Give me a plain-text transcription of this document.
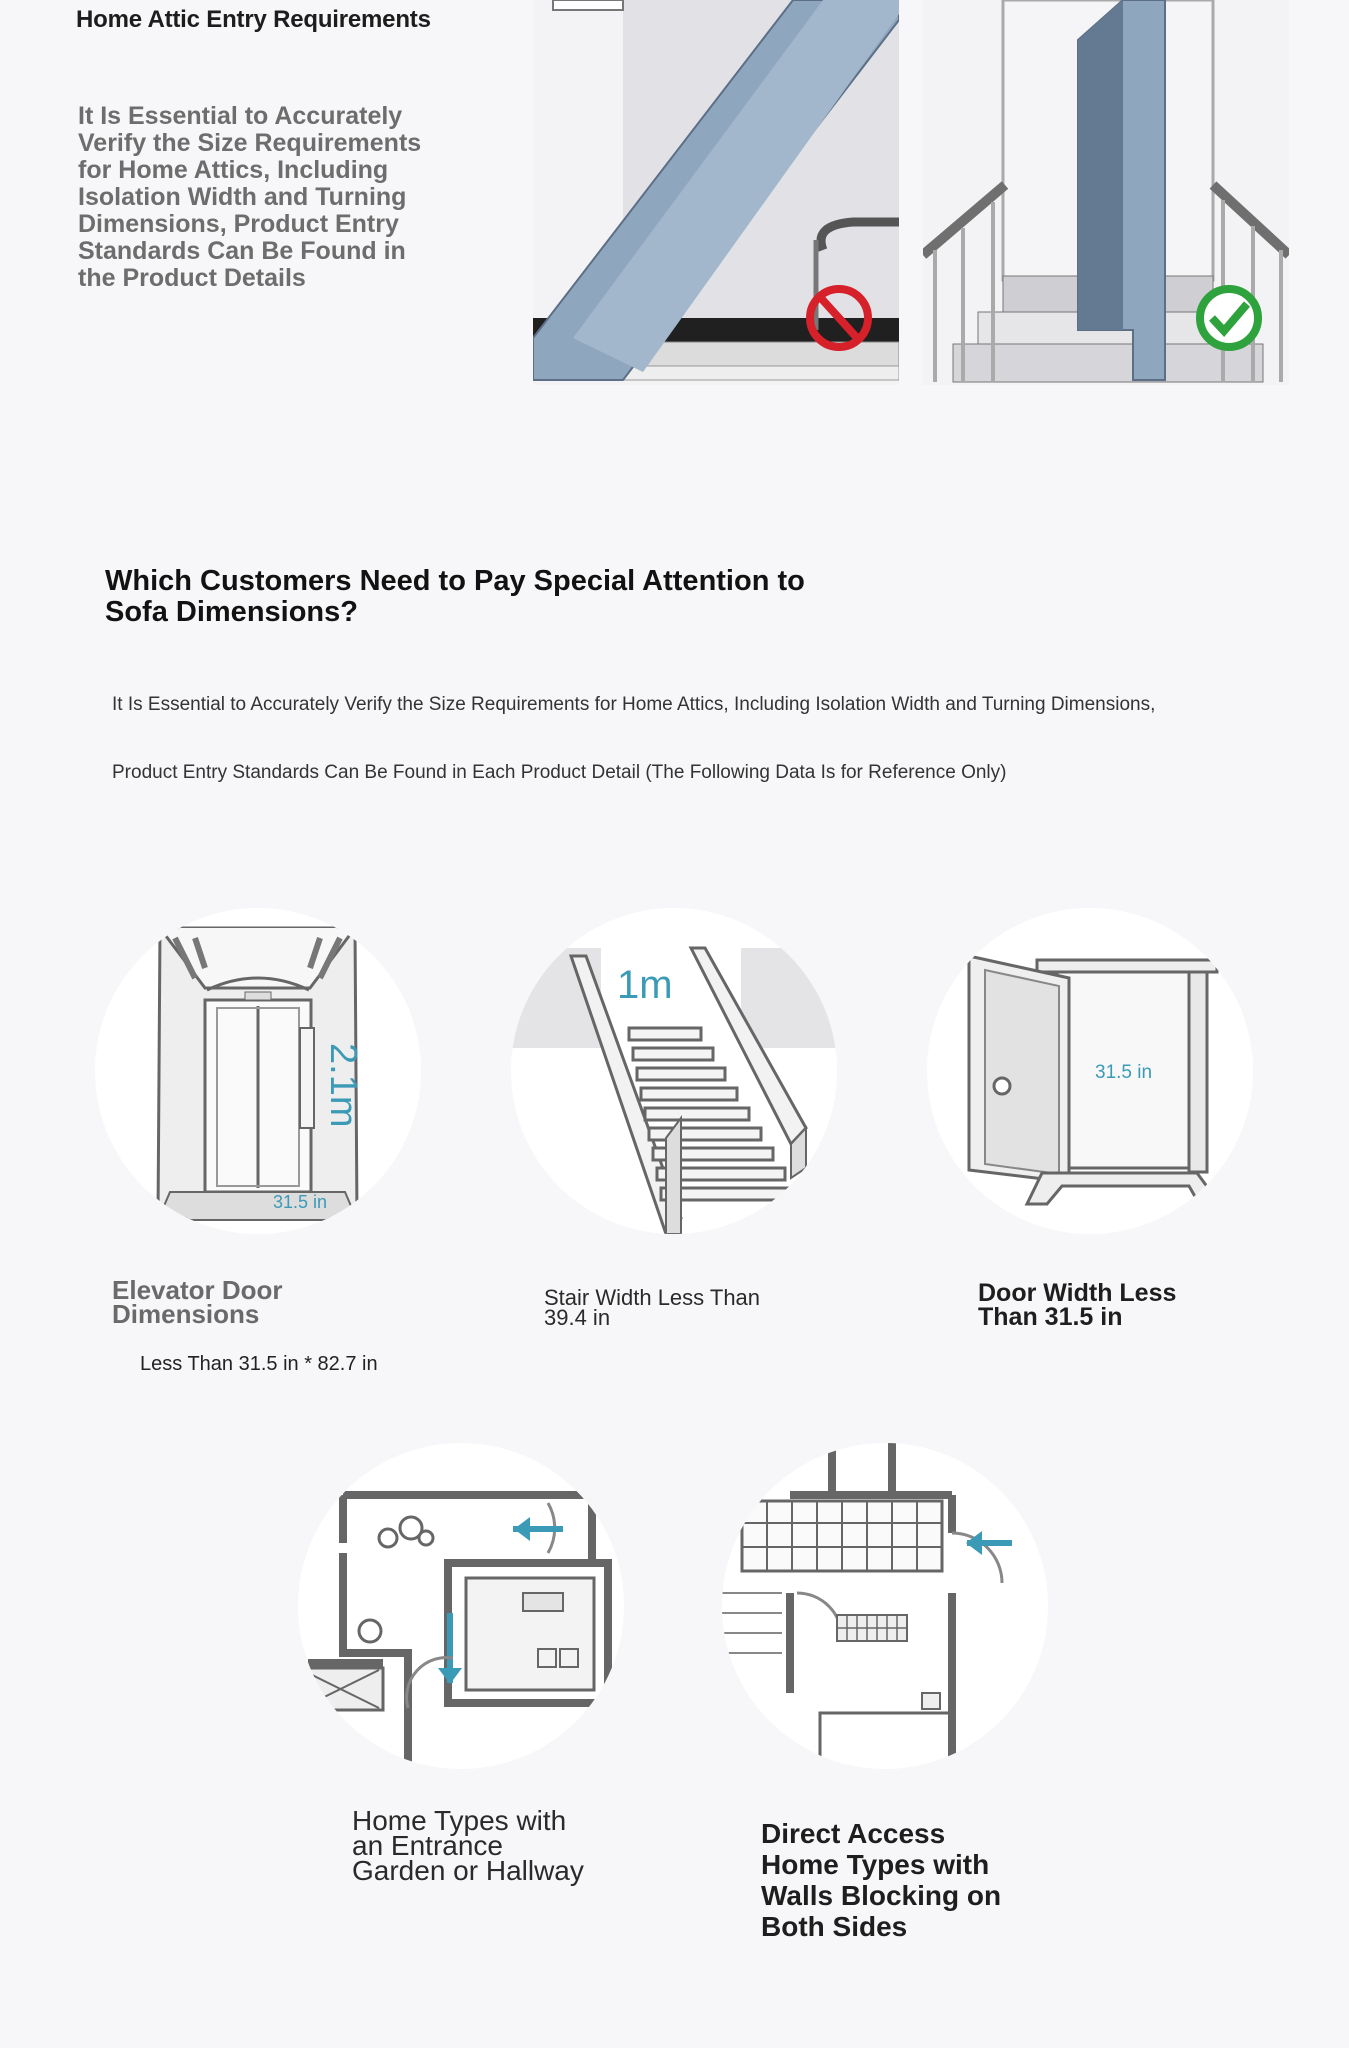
Home Attic Entry Requirements
It Is Essential to Accurately Verify the Size Requirements for Home Attics, Including Isolation Width and Turning Dimensions, Product Entry Standards Can Be Found in the Product Details
Which Customers Need to Pay Special Attention to Sofa Dimensions?
It Is Essential to Accurately Verify the Size Requirements for Home Attics, Including Isolation Width and Turning Dimensions,
Product Entry Standards Can Be Found in Each Product Detail (The Following Data Is for Reference Only)
31.5 in
2.1m
Elevator Door Dimensions
Less Than 31.5 in * 82.7 in
1m
Stair Width Less Than 39.4 in
31.5 in
Door Width Less Than 31.5 in
Home Types with an Entrance Garden or Hallway
Direct Access Home Types with Walls Blocking on Both Sides
